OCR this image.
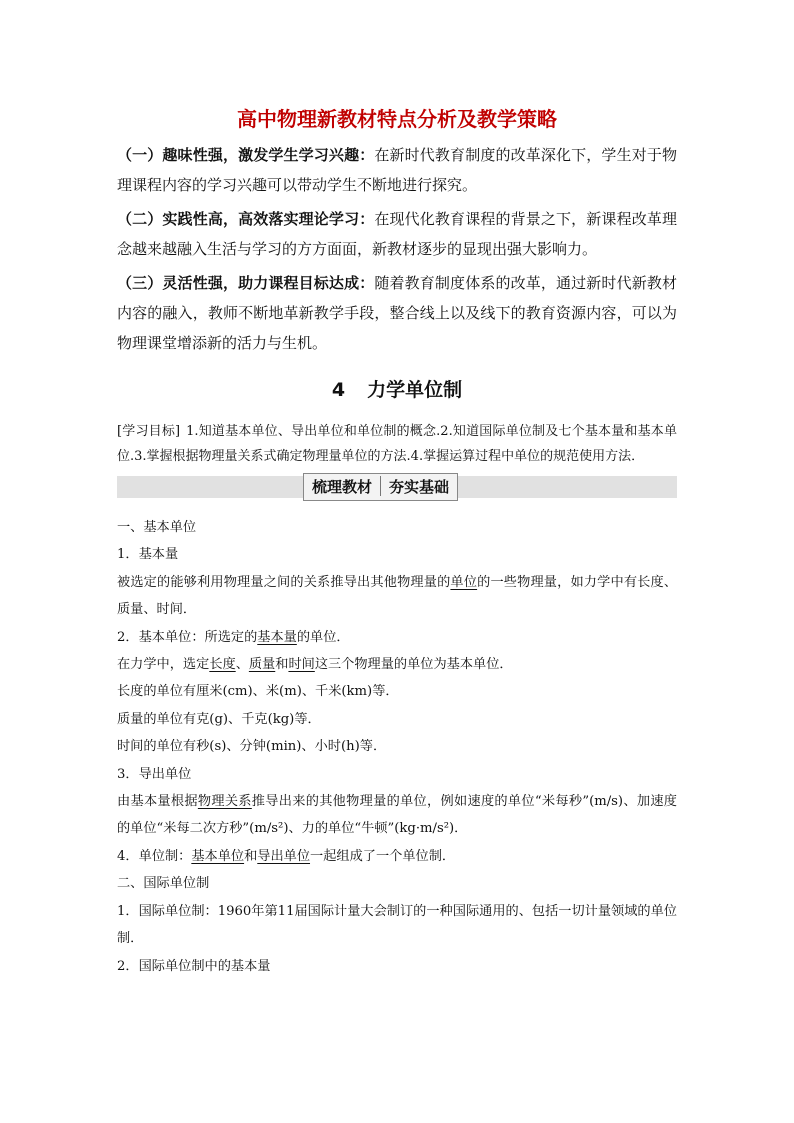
高中物理新教材特点分析及教学策略

（一）趣味性强，激发学生学习兴趣：在新时代教育制度的改革深化下，学生对于物理课程内容的学习兴趣可以带动学生不断地进行探究。

（二）实践性高，高效落实理论学习：在现代化教育课程的背景之下，新课程改革理念越来越融入生活与学习的方方面面，新教材逐步的显现出强大影响力。

（三）灵活性强，助力课程目标达成：随着教育制度体系的改革，通过新时代新教材内容的融入，教师不断地革新教学手段，整合线上以及线下的教育资源内容，可以为物理课堂增添新的活力与生机。

4 力学单位制

[学习目标] 1.知道基本单位、导出单位和单位制的概念.2.知道国际单位制及七个基本量和基本单位.3.掌握根据物理量关系式确定物理量单位的方法.4.掌握运算过程中单位的规范使用方法．

梳理教材 夯实基础

一、基本单位

1．基本量

被选定的能够利用物理量之间的关系推导出其他物理量的单位的一些物理量，如力学中有长度、质量、时间．

2．基本单位：所选定的基本量的单位．

在力学中，选定长度、质量和时间这三个物理量的单位为基本单位．

长度的单位有厘米(cm)、米(m)、千米(km)等．

质量的单位有克(g)、千克(kg)等．

时间的单位有秒(s)、分钟(min)、小时(h)等．

3．导出单位

由基本量根据物理关系推导出来的其他物理量的单位，例如速度的单位“米每秒”(m/s)、加速度的单位“米每二次方秒”(m/s²)、力的单位“牛顿”(kg·m/s²)．

4．单位制：基本单位和导出单位一起组成了一个单位制．

二、国际单位制

1．国际单位制：1960年第11届国际计量大会制订的一种国际通用的、包括一切计量领域的单位制．

2．国际单位制中的基本量
